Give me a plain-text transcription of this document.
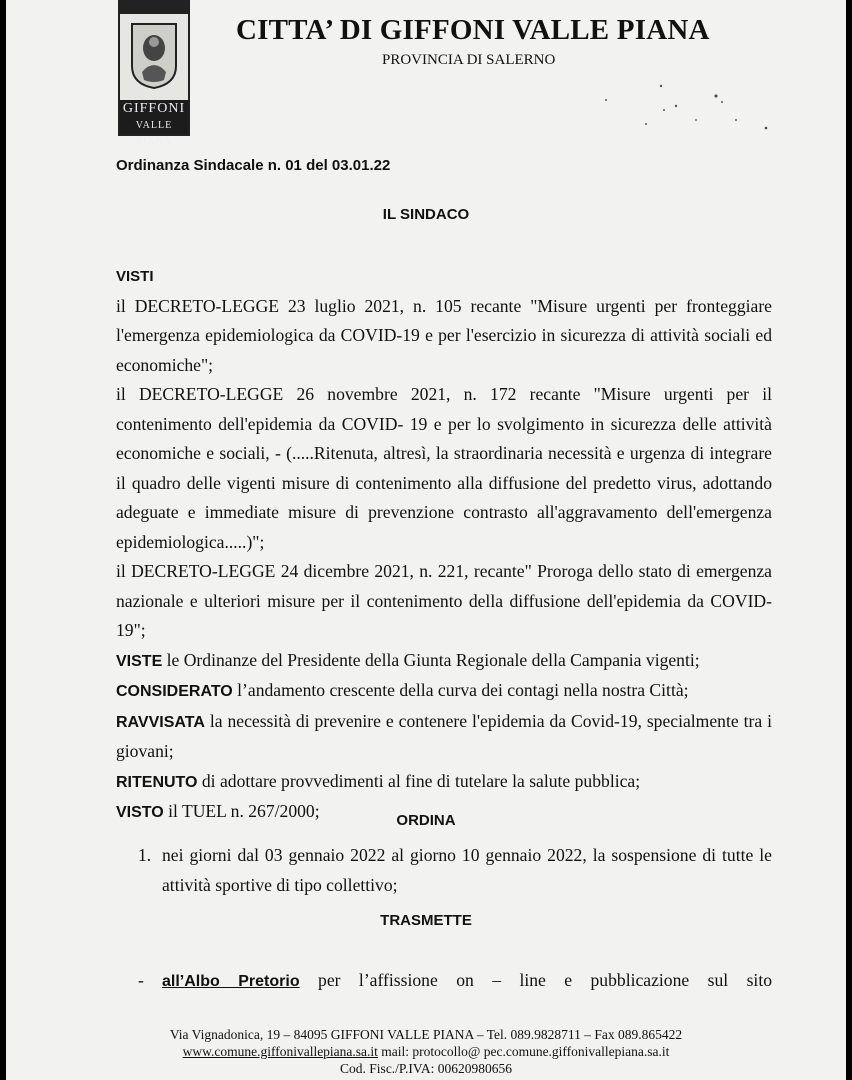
GIFFONI
VALLE PIANA
CITTA’ DI GIFFONI VALLE PIANA
PROVINCIA DI SALERNO
Ordinanza Sindacale n. 01 del 03.01.22
IL SINDACO

VISTI

il DECRETO-LEGGE 23 luglio 2021, n. 105 recante "Misure urgenti per fronteggiare l'emergenza epidemiologica da COVID-19 e per l'esercizio in sicurezza di attività sociali ed economiche";

il DECRETO-LEGGE 26 novembre 2021, n. 172 recante "Misure urgenti per il contenimento dell'epidemia da COVID- 19 e per lo svolgimento in sicurezza delle attività economiche e sociali, - (.....Ritenuta, altresì, la straordinaria necessità e urgenza di integrare il quadro delle vigenti misure di contenimento alla diffusione del predetto virus, adottando adeguate e immediate misure di prevenzione contrasto all'aggravamento dell'emergenza epidemiologica.....)";

il DECRETO-LEGGE 24 dicembre 2021, n. 221, recante" Proroga dello stato di emergenza nazionale e ulteriori misure per il contenimento della diffusione dell'epidemia da COVID-19";

VISTE le Ordinanze del Presidente della Giunta Regionale della Campania vigenti;

CONSIDERATO l’andamento crescente della curva dei contagi nella nostra Città;

RAVVISATA la necessità di prevenire e contenere l'epidemia da Covid-19, specialmente tra i giovani;

RITENUTO di adottare provvedimenti al fine di tutelare la salute pubblica;

VISTO il TUEL n. 267/2000;	ORDINA
1. nei giorni dal 03 gennaio 2022 al giorno 10 gennaio 2022, la sospensione di tutte le attività sportive di tipo collettivo;
TRASMETTE
- all’Albo Pretorio per l’affissione on – line e pubblicazione sul sito
Via Vignadonica, 19 – 84095 GIFFONI VALLE PIANA – Tel. 089.9828711 – Fax 089.865422
www.comune.giffonivallepiana.sa.it mail: protocollo@ pec.comune.giffonivallepiana.sa.it
Cod. Fisc./P.IVA: 00620980656
